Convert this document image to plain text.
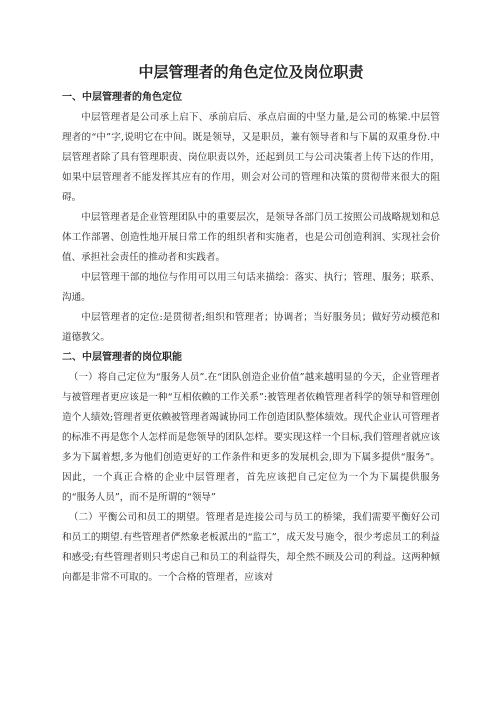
中层管理者的角色定位及岗位职责
一、中层管理者的角色定位

中层管理者是公司承上启下、承前启后、承点启面的中坚力量,是公司的栋梁.中层管理者的“中”字,说明它在中间。既是领导，又是职员，兼有领导者和与下属的双重身份.中层管理者除了具有管理职责、岗位职责以外，还起到员工与公司决策者上传下达的作用，如果中层管理者不能发挥其应有的作用，则会对公司的管理和决策的贯彻带来很大的阻碍。

中层管理者是企业管理团队中的重要层次，是领导各部门员工按照公司战略规划和总体工作部署、创造性地开展日常工作的组织者和实施者，也是公司创造利润、实现社会价值、承担社会责任的推动者和实践者。

中层管理干部的地位与作用可以用三句话来描绘：落实、执行；管理、服务；联系、沟通。

中层管理者的定位:是贯彻者;组织和管理者；协调者；当好服务员；做好劳动模范和道德教父。

二、中层管理者的岗位职能

（一）将自己定位为“服务人员”.在“团队创造企业价值”越来越明显的今天，企业管理者与被管理者更应该是一种“互相依赖的工作关系”:被管理者依赖管理者科学的领导和管理创造个人绩效;管理者更依赖被管理者竭诚协同工作创造团队整体绩效。现代企业认可管理者的标准不再是您个人怎样而是您领导的团队怎样。要实现这样一个目标,我们管理者就应该多为下属着想,多为他们创造更好的工作条件和更多的发展机会,即为下属多提供“服务”。因此，一个真正合格的企业中层管理者，首先应该把自己定位为一个为下属提供服务的“服务人员”，而不是所谓的“领导”

（二）平衡公司和员工的期望。管理者是连接公司与员工的桥梁，我们需要平衡好公司和员工的期望.有些管理者俨然象老板派出的“监工”，成天发号施令，很少考虑员工的利益和感受;有些管理者则只考虑自己和员工的利益得失，却全然不顾及公司的利益。这两种倾向都是非常不可取的。一个合格的管理者，应该对
